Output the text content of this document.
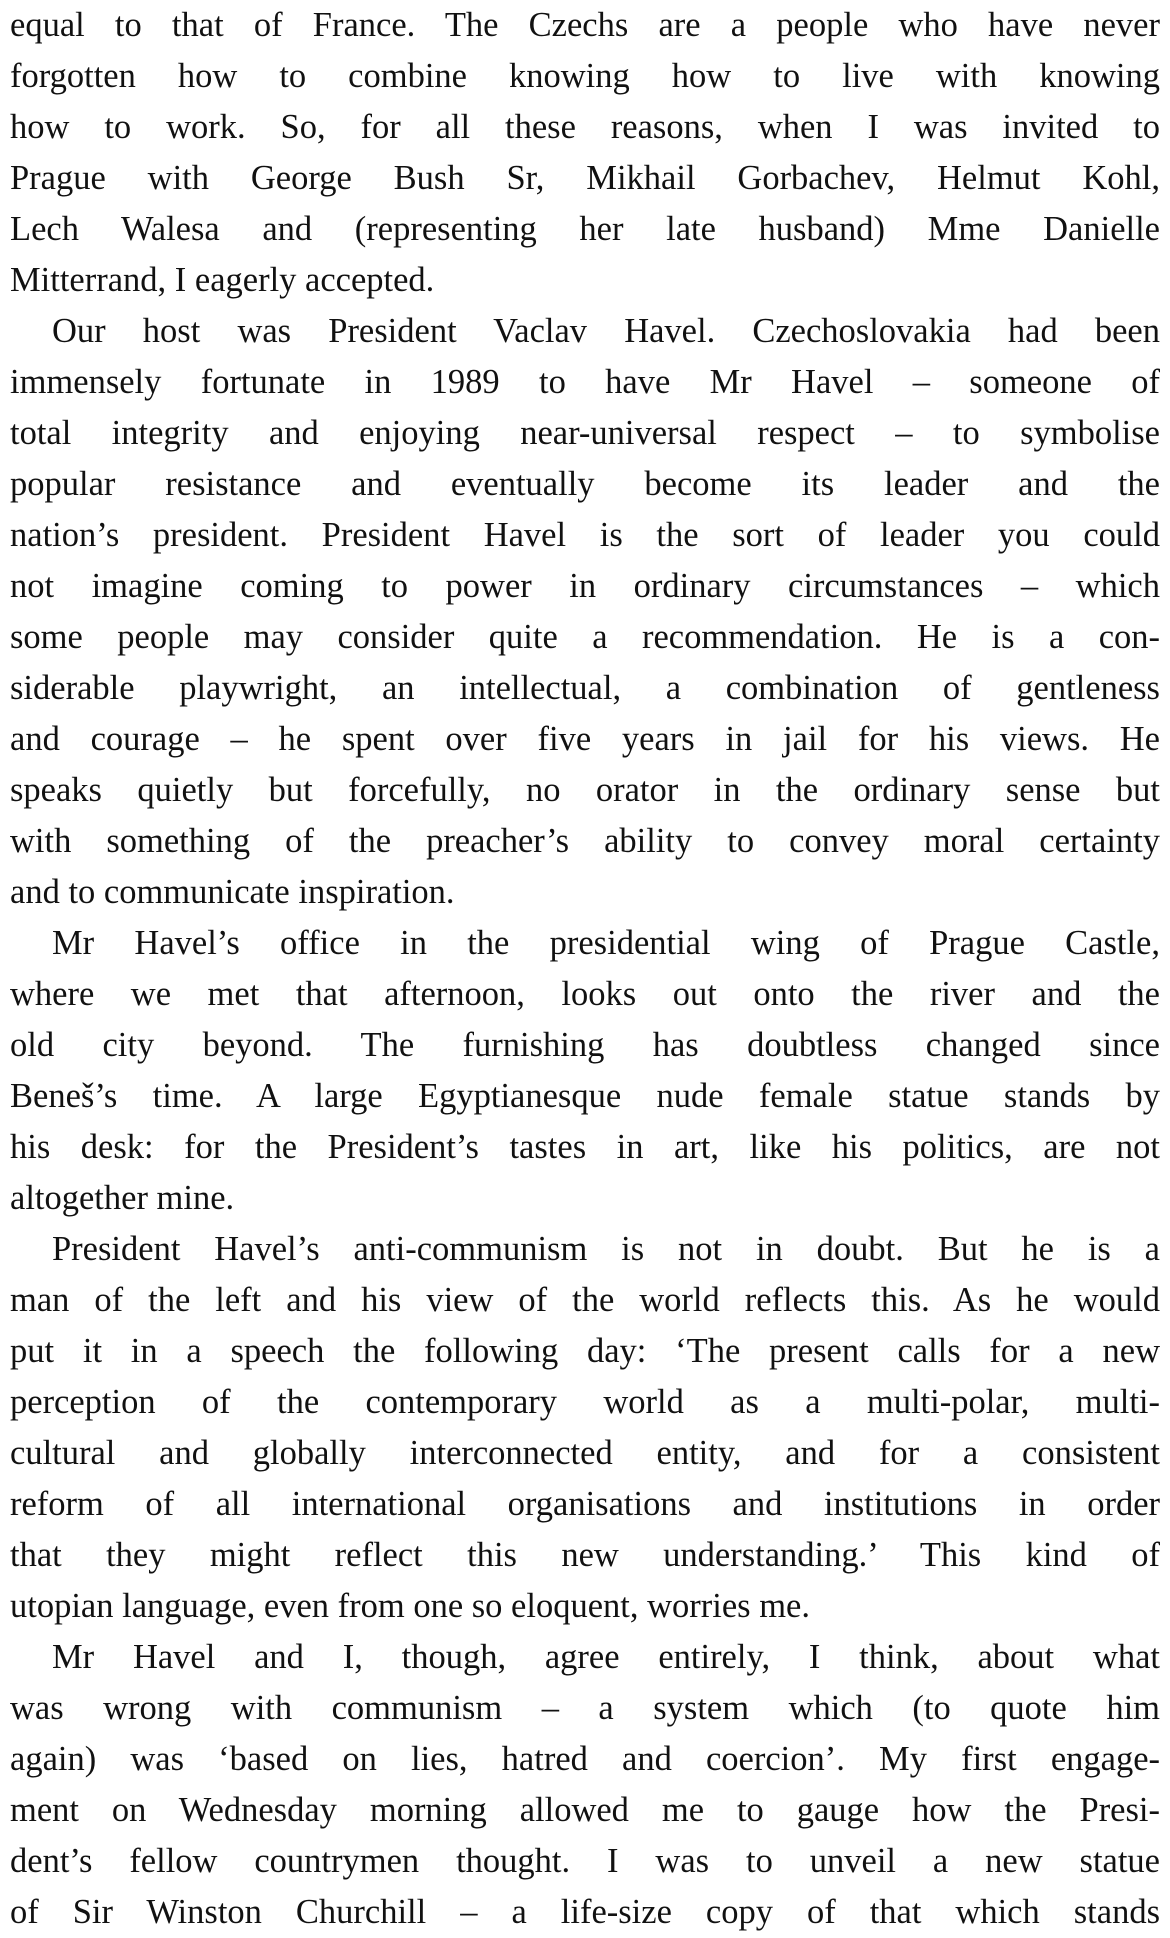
equal to that of France. The Czechs are a people who have never
forgotten how to combine knowing how to live with knowing
how to work. So, for all these reasons, when I was invited to
Prague with George Bush Sr, Mikhail Gorbachev, Helmut Kohl,
Lech Walesa and (representing her late husband) Mme Danielle
Mitterrand, I eagerly accepted.
Our host was President Vaclav Havel. Czechoslovakia had been
immensely fortunate in 1989 to have Mr Havel – someone of
total integrity and enjoying near-universal respect – to symbolise
popular resistance and eventually become its leader and the
nation’s president. President Havel is the sort of leader you could
not imagine coming to power in ordinary circumstances – which
some people may consider quite a recommendation. He is a con-
siderable playwright, an intellectual, a combination of gentleness
and courage – he spent over five years in jail for his views. He
speaks quietly but forcefully, no orator in the ordinary sense but
with something of the preacher’s ability to convey moral certainty
and to communicate inspiration.
Mr Havel’s office in the presidential wing of Prague Castle,
where we met that afternoon, looks out onto the river and the
old city beyond. The furnishing has doubtless changed since
Beneš’s time. A large Egyptianesque nude female statue stands by
his desk: for the President’s tastes in art, like his politics, are not
altogether mine.
President Havel’s anti-communism is not in doubt. But he is a
man of the left and his view of the world reflects this. As he would
put it in a speech the following day: ‘The present calls for a new
perception of the contemporary world as a multi-polar, multi-
cultural and globally interconnected entity, and for a consistent
reform of all international organisations and institutions in order
that they might reflect this new understanding.’ This kind of
utopian language, even from one so eloquent, worries me.
Mr Havel and I, though, agree entirely, I think, about what
was wrong with communism – a system which (to quote him
again) was ‘based on lies, hatred and coercion’. My first engage-
ment on Wednesday morning allowed me to gauge how the Presi-
dent’s fellow countrymen thought. I was to unveil a new statue
of Sir Winston Churchill – a life-size copy of that which stands
